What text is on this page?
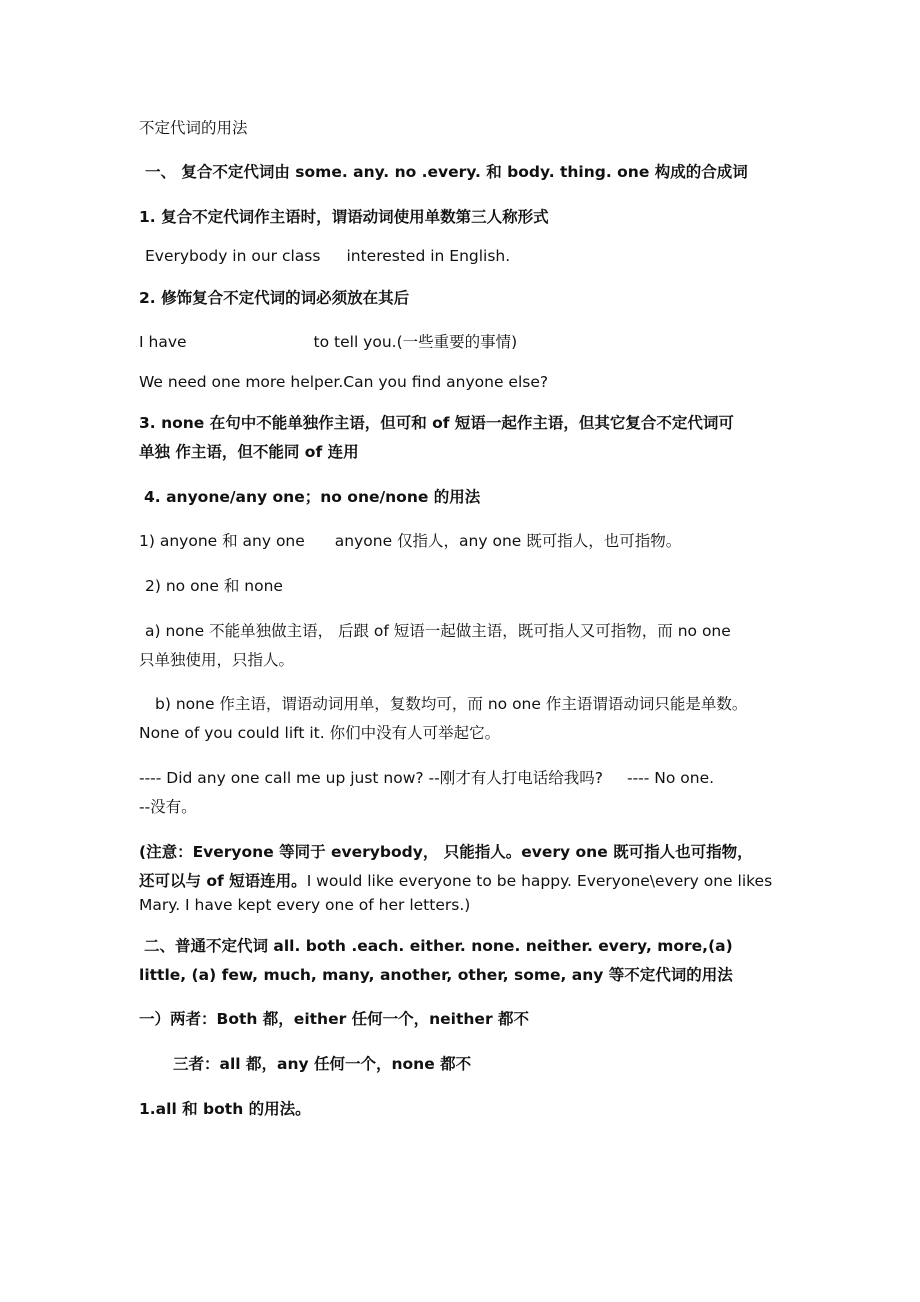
不定代词的用法
一、 复合不定代词由 some. any. no .every. 和 body. thing. one 构成的合成词
1. 复合不定代词作主语时，谓语动词使用单数第三人称形式
Everybody in our class interested in English.
2. 修饰复合不定代词的词必须放在其后
I have	to tell you.(一些重要的事情)
We need one more helper.Can you find anyone else?
3. none 在句中不能单独作主语，但可和 of 短语一起作主语，但其它复合不定代词可
单独 作主语，但不能同 of 连用
4. anyone/any one；no one/none 的用法
1) anyone 和 any one anyone 仅指人，any one 既可指人，也可指物。
2) no one 和 none
a) none 不能单独做主语， 后跟 of 短语一起做主语，既可指人又可指物，而 no one
只单独使用，只指人。
b) none 作主语，谓语动词用单，复数均可，而 no one 作主语谓语动词只能是单数。
None of you could lift it. 你们中没有人可举起它。
---- Did any one call me up just now? --刚才有人打电话给我吗? ---- No one.
--没有。
(注意：Everyone 等同于 everybody， 只能指人。every one 既可指人也可指物，
还可以与 of 短语连用。I would like everyone to be happy. Everyone\every one likes
Mary. I have kept every one of her letters.)
二、普通不定代词 all. both .each. either. none. neither. every, more,(a)
little, (a) few, much, many, another, other, some, any 等不定代词的用法
一）两者：Both 都，either 任何一个，neither 都不
三者：all 都，any 任何一个，none 都不
1.all 和 both 的用法。
